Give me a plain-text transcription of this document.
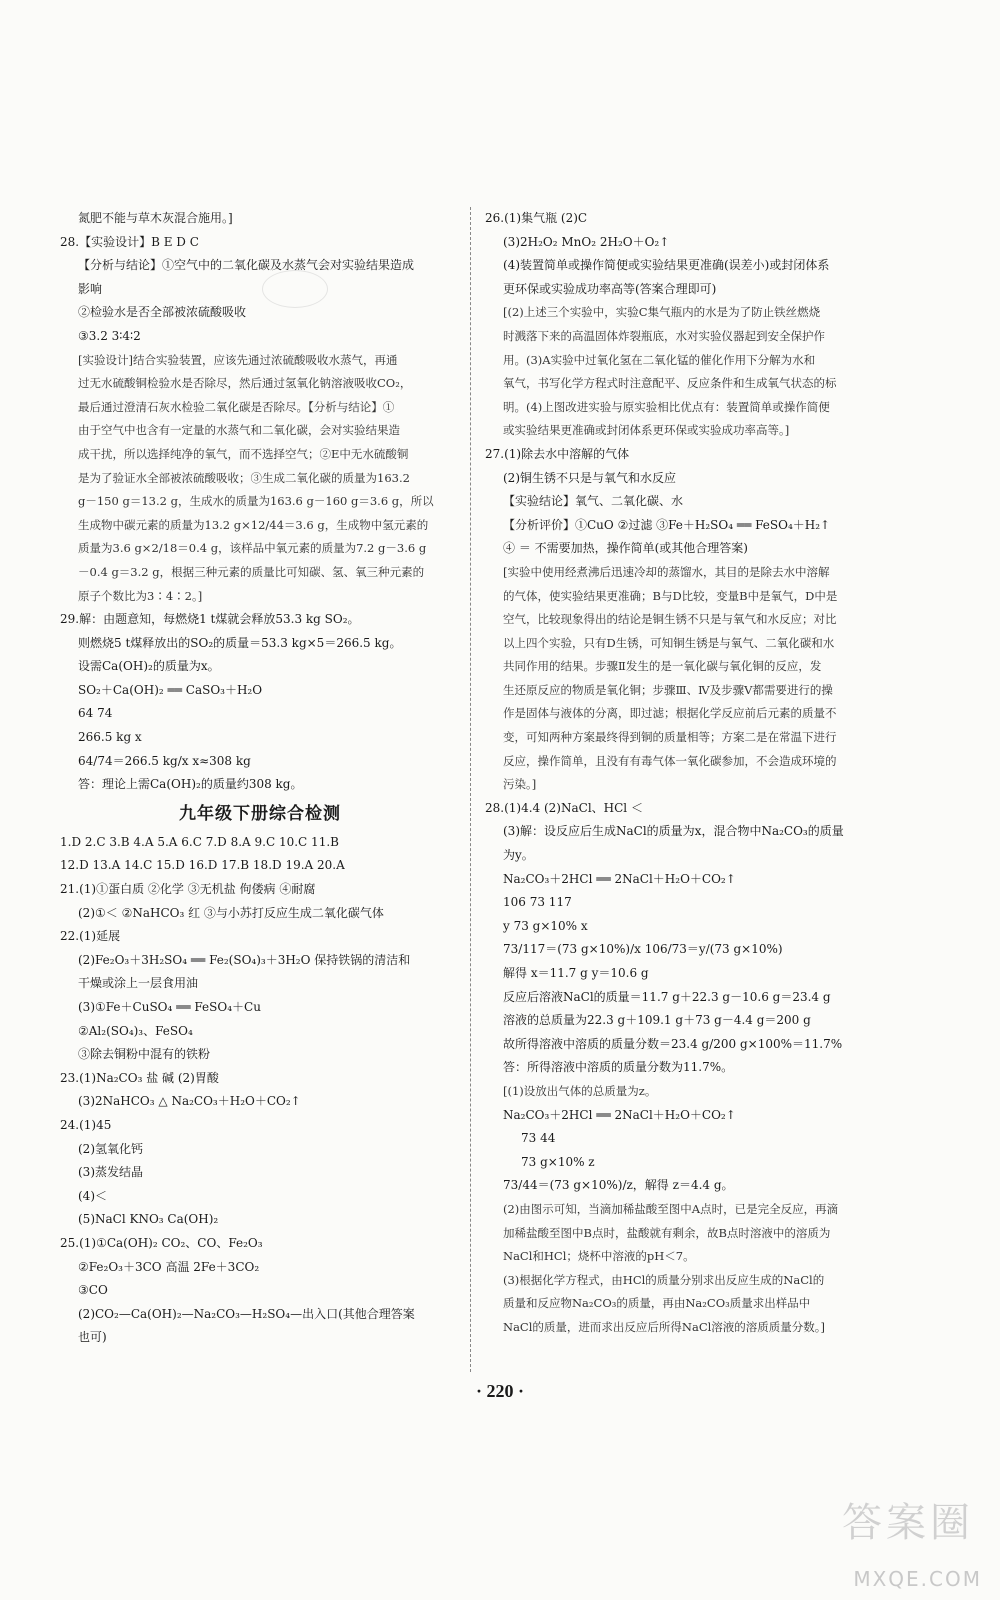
氮肥不能与草木灰混合施用。]
28.【实验设计】B E D C
【分析与结论】①空气中的二氧化碳及水蒸气会对实验结果造成
影响
②检验水是否全部被浓硫酸吸收
③3.2 3∶4∶2
[实验设计]结合实验装置，应该先通过浓硫酸吸收水蒸气，再通
过无水硫酸铜检验水是否除尽，然后通过氢氧化钠溶液吸收CO₂，
最后通过澄清石灰水检验二氧化碳是否除尽。【分析与结论】①
由于空气中也含有一定量的水蒸气和二氧化碳，会对实验结果造
成干扰，所以选择纯净的氧气，而不选择空气；②E中无水硫酸铜
是为了验证水全部被浓硫酸吸收；③生成二氧化碳的质量为163.2
g－150 g＝13.2 g，生成水的质量为163.6 g－160 g＝3.6 g，所以
生成物中碳元素的质量为13.2 g×12/44＝3.6 g，生成物中氢元素的
质量为3.6 g×2/18＝0.4 g，该样品中氧元素的质量为7.2 g－3.6 g
－0.4 g＝3.2 g，根据三种元素的质量比可知碳、氢、氧三种元素的
原子个数比为3∶4∶2。]
29.解：由题意知，每燃烧1 t煤就会释放53.3 kg SO₂。
则燃烧5 t煤释放出的SO₂的质量＝53.3 kg×5＝266.5 kg。
设需Ca(OH)₂的质量为x。
SO₂＋Ca(OH)₂ ══ CaSO₃＋H₂O
64 74
266.5 kg x
64/74＝266.5 kg/x x≈308 kg
答：理论上需Ca(OH)₂的质量约308 kg。
九年级下册综合检测
1.D 2.C 3.B 4.A 5.A 6.C 7.D 8.A 9.C 10.C 11.B
12.D 13.A 14.C 15.D 16.D 17.B 18.D 19.A 20.A
21.(1)①蛋白质 ②化学 ③无机盐 佝偻病 ④耐腐
(2)①＜ ②NaHCO₃ 红 ③与小苏打反应生成二氧化碳气体
22.(1)延展
(2)Fe₂O₃＋3H₂SO₄ ══ Fe₂(SO₄)₃＋3H₂O 保持铁锅的清洁和
干燥或涂上一层食用油
(3)①Fe＋CuSO₄ ══ FeSO₄＋Cu
②Al₂(SO₄)₃、FeSO₄
③除去铜粉中混有的铁粉
23.(1)Na₂CO₃ 盐 碱 (2)胃酸
(3)2NaHCO₃ △ Na₂CO₃＋H₂O＋CO₂↑
24.(1)45
(2)氢氧化钙
(3)蒸发结晶
(4)＜
(5)NaCl KNO₃ Ca(OH)₂
25.(1)①Ca(OH)₂ CO₂、CO、Fe₂O₃
②Fe₂O₃＋3CO 高温 2Fe＋3CO₂
③CO
(2)CO₂—Ca(OH)₂—Na₂CO₃—H₂SO₄—出入口(其他合理答案
也可)
26.(1)集气瓶 (2)C
(3)2H₂O₂ MnO₂ 2H₂O＋O₂↑
(4)装置简单或操作简便或实验结果更准确(误差小)或封闭体系
更环保或实验成功率高等(答案合理即可)
[(2)上述三个实验中，实验C集气瓶内的水是为了防止铁丝燃烧
时溅落下来的高温固体炸裂瓶底，水对实验仪器起到安全保护作
用。(3)A实验中过氧化氢在二氧化锰的催化作用下分解为水和
氧气，书写化学方程式时注意配平、反应条件和生成氧气状态的标
明。(4)上图改进实验与原实验相比优点有：装置简单或操作简便
或实验结果更准确或封闭体系更环保或实验成功率高等。]
27.(1)除去水中溶解的气体
(2)铜生锈不只是与氧气和水反应
【实验结论】氧气、二氧化碳、水
【分析评价】①CuO ②过滤 ③Fe＋H₂SO₄ ══ FeSO₄＋H₂↑
④ ＝ 不需要加热，操作简单(或其他合理答案)
[实验中使用经煮沸后迅速冷却的蒸馏水，其目的是除去水中溶解
的气体，使实验结果更准确；B与D比较，变量B中是氧气，D中是
空气，比较现象得出的结论是铜生锈不只是与氧气和水反应；对比
以上四个实验，只有D生锈，可知铜生锈是与氧气、二氧化碳和水
共同作用的结果。步骤Ⅱ发生的是一氧化碳与氧化铜的反应，发
生还原反应的物质是氧化铜；步骤Ⅲ、Ⅳ及步骤Ⅴ都需要进行的操
作是固体与液体的分离，即过滤；根据化学反应前后元素的质量不
变，可知两种方案最终得到铜的质量相等；方案二是在常温下进行
反应，操作简单，且没有有毒气体一氧化碳参加，不会造成环境的
污染。]
28.(1)4.4 (2)NaCl、HCl ＜
(3)解：设反应后生成NaCl的质量为x，混合物中Na₂CO₃的质量
为y。
Na₂CO₃＋2HCl ══ 2NaCl＋H₂O＋CO₂↑
106 73 117
y 73 g×10% x
73/117＝(73 g×10%)/x 106/73＝y/(73 g×10%)
解得 x＝11.7 g y＝10.6 g
反应后溶液NaCl的质量＝11.7 g＋22.3 g－10.6 g＝23.4 g
溶液的总质量为22.3 g＋109.1 g＋73 g－4.4 g＝200 g
故所得溶液中溶质的质量分数＝23.4 g/200 g×100%＝11.7%
答：所得溶液中溶质的质量分数为11.7%。
[(1)设放出气体的总质量为z。
Na₂CO₃＋2HCl ══ 2NaCl＋H₂O＋CO₂↑
73 44
73 g×10% z
73/44＝(73 g×10%)/z，解得 z＝4.4 g。
(2)由图示可知，当滴加稀盐酸至图中A点时，已是完全反应，再滴
加稀盐酸至图中B点时，盐酸就有剩余，故B点时溶液中的溶质为
NaCl和HCl；烧杯中溶液的pH＜7。
(3)根据化学方程式，由HCl的质量分别求出反应生成的NaCl的
质量和反应物Na₂CO₃的质量，再由Na₂CO₃质量求出样品中
NaCl的质量，进而求出反应后所得NaCl溶液的溶质质量分数。]
· 220 ·
答案圈
MXQE.COM
